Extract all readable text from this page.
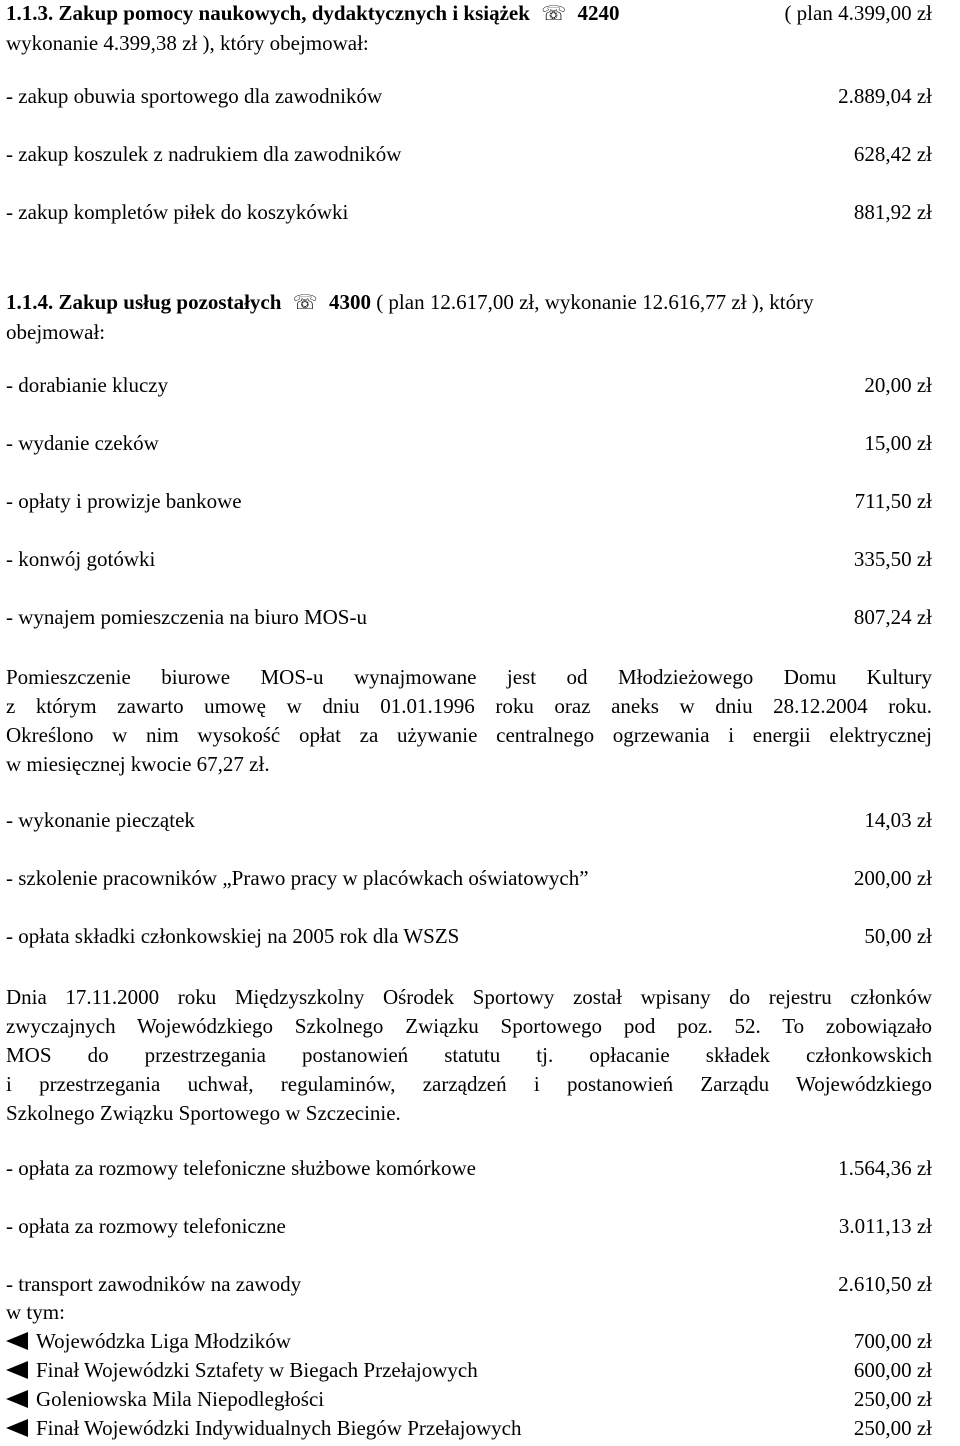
1.1.3. Zakup pomocy naukowych, dydaktycznych i książek ☏ 4240	( plan 4.399,00 zł
wykonanie 4.399,38 zł ), który obejmował:
- zakup obuwia sportowego dla zawodników	2.889,04 zł
- zakup koszulek z nadrukiem dla zawodników	628,42 zł
- zakup kompletów piłek do koszykówki	881,92 zł
1.1.4. Zakup usług pozostałych ☏ 4300 ( plan 12.617,00 zł, wykonanie 12.616,77 zł ), który
obejmował:
- dorabianie kluczy	20,00 zł
- wydanie czeków	15,00 zł
- opłaty i prowizje bankowe	711,50 zł
- konwój gotówki	335,50 zł
- wynajem pomieszczenia na biuro MOS-u	807,24 zł
Pomieszczenie biurowe MOS-u wynajmowane jest od Młodzieżowego Domu Kultury
z którym zawarto umowę w dniu 01.01.1996 roku oraz aneks w dniu 28.12.2004 roku.
Określono w nim wysokość opłat za używanie centralnego ogrzewania i energii elektrycznej
w miesięcznej kwocie 67,27 zł.
- wykonanie pieczątek	14,03 zł
- szkolenie pracowników „Prawo pracy w placówkach oświatowych”	200,00 zł
- opłata składki członkowskiej na 2005 rok dla WSZS	50,00 zł
Dnia 17.11.2000 roku Międzyszkolny Ośrodek Sportowy został wpisany do rejestru członków
zwyczajnych Wojewódzkiego Szkolnego Związku Sportowego pod poz. 52. To zobowiązało
MOS do przestrzegania postanowień statutu tj. opłacanie składek członkowskich
i przestrzegania uchwał, regulaminów, zarządzeń i postanowień Zarządu Wojewódzkiego
Szkolnego Związku Sportowego w Szczecinie.
- opłata za rozmowy telefoniczne służbowe komórkowe	1.564,36 zł
- opłata za rozmowy telefoniczne	3.011,13 zł
- transport zawodników na zawody	2.610,50 zł
w tym:
Wojewódzka Liga Młodzików	700,00 zł
Finał Wojewódzki Sztafety w Biegach Przełajowych	600,00 zł
Goleniowska Mila Niepodległości	250,00 zł
Finał Wojewódzki Indywidualnych Biegów Przełajowych	250,00 zł
